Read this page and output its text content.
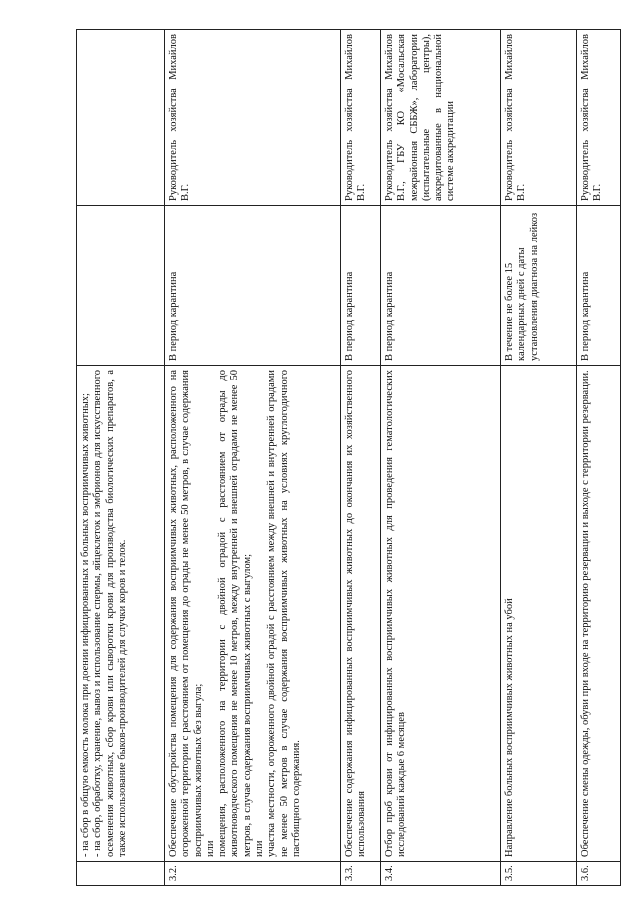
	- на сбор в общую емкость молока при доении инфицированных и больных восприимчивых животных; - на сбор, обработку, хранение, вывоз и использование спермы, яйцеклеток и эмбрионов для искусственного осеменения животных, сбор крови или сыворотки крови для производства биологических препаратов, а также использование быков-производителей для случки коров и телок.		

3.2.	Обеспечение обустройства помещения для содержания восприимчивых животных, расположенного на огороженной территории с расстоянием от помещения до ограды не менее 50 метров, в случае содержания восприимчивых животных без выгула; или помещения, расположенного на территории с двойной оградой с расстоянием от ограды до животноводческого помещения не менее 10 метров, между внутренней и внешней оградами не менее 50 метров, в случае содержания восприимчивых животных с выгулом; или участка местности, огороженного двойной оградой с расстоянием между внешней и внутренней оградами не менее 50 метров в случае содержания восприимчивых животных на условиях круглогодичного пастбищного содержания.	В период карантина	Руководитель хозяйства Михайлов В.Г.
3.3.	Обеспечение содержания инфицированных восприимчивых животных до окончания их хозяйственного использования	В период карантина	Руководитель хозяйства Михайлов В.Г.
3.4.	Отбор проб крови от инфицированных восприимчивых животных для проведения гематологических исследований каждые 6 месяцев	В период карантина	Руководитель хозяйства Михайлов В.Г., ГБУ КО «Мосальская межрайонная СББЖ», лаборатории (испытательные центры), аккредитованные в национальной системе аккредитации
3.5.	Направление больных восприимчивых животных на убой	В течение не более 15 календарных дней с даты установления диагноза на лейкоз	Руководитель хозяйства Михайлов В.Г.
3.6.	Обеспечение смены одежды, обуви при входе на территорию резервации и выходе с территории резервации.	В период карантина	Руководитель хозяйства Михайлов В.Г.
